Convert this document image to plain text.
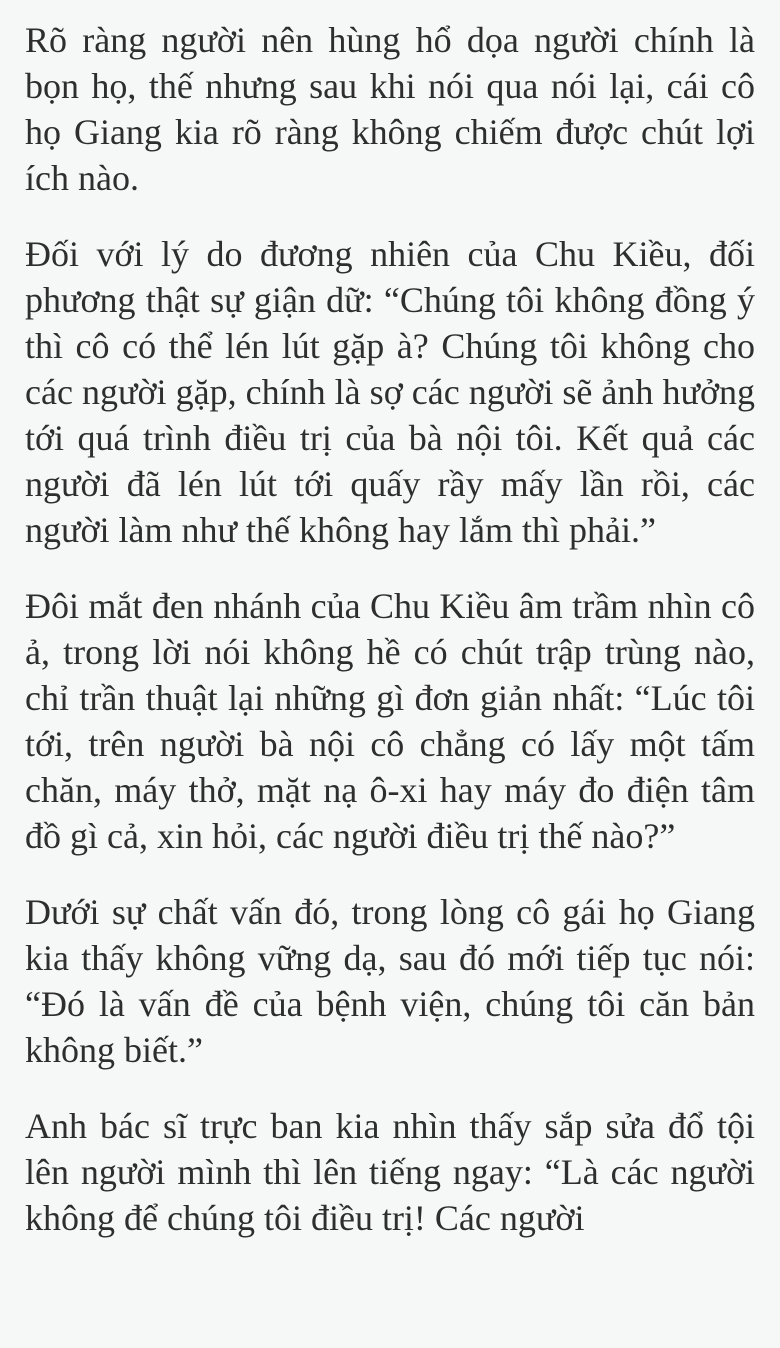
Rõ ràng người nên hùng hổ dọa người chính là bọn họ, thế nhưng sau khi nói qua nói lại, cái cô họ Giang kia rõ ràng không chiếm được chút lợi ích nào.

Đối với lý do đương nhiên của Chu Kiều, đối phương thật sự giận dữ: “Chúng tôi không đồng ý thì cô có thể lén lút gặp à? Chúng tôi không cho các người gặp, chính là sợ các người sẽ ảnh hưởng tới quá trình điều trị của bà nội tôi. Kết quả các người đã lén lút tới quấy rầy mấy lần rồi, các người làm như thế không hay lắm thì phải.”

Đôi mắt đen nhánh của Chu Kiều âm trầm nhìn cô ả, trong lời nói không hề có chút trập trùng nào, chỉ trần thuật lại những gì đơn giản nhất: “Lúc tôi tới, trên người bà nội cô chẳng có lấy một tấm chăn, máy thở, mặt nạ ô-xi hay máy đo điện tâm đồ gì cả, xin hỏi, các người điều trị thế nào?”

Dưới sự chất vấn đó, trong lòng cô gái họ Giang kia thấy không vững dạ, sau đó mới tiếp tục nói: “Đó là vấn đề của bệnh viện, chúng tôi căn bản không biết.”

Anh bác sĩ trực ban kia nhìn thấy sắp sửa đổ tội lên người mình thì lên tiếng ngay: “Là các người không để chúng tôi điều trị! Các người
